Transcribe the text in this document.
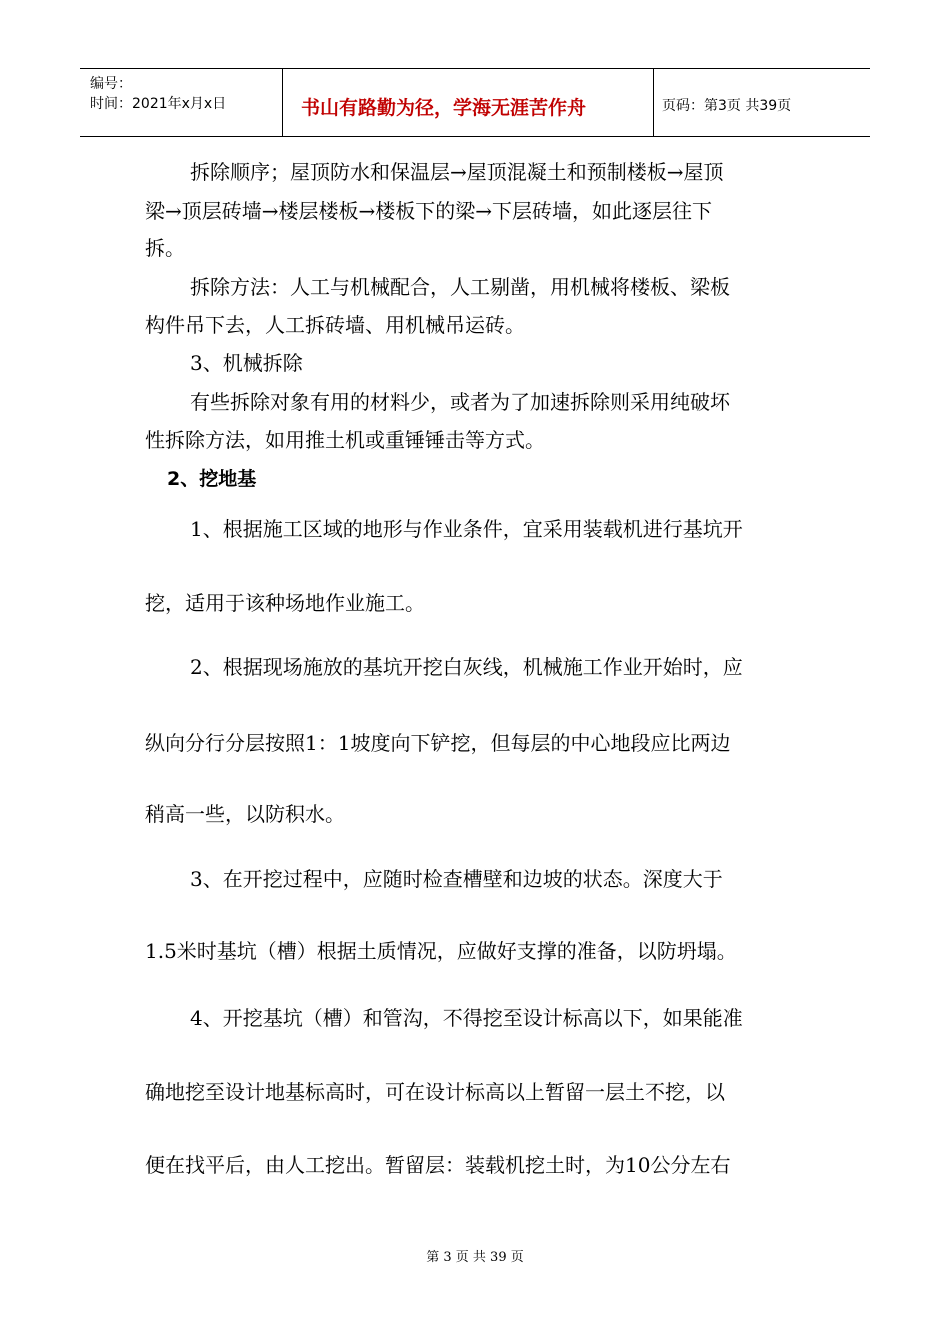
编号：
时间：2021年x月x日	书山有路勤为径，学海无涯苦作舟	页码：第3页 共39页
拆除顺序；屋顶防水和保温层→屋顶混凝土和预制楼板→屋顶
梁→顶层砖墙→楼层楼板→楼板下的梁→下层砖墙，如此逐层往下
拆。
拆除方法：人工与机械配合，人工剔凿，用机械将楼板、梁板
构件吊下去，人工拆砖墙、用机械吊运砖。
3、机械拆除
有些拆除对象有用的材料少，或者为了加速拆除则采用纯破坏
性拆除方法，如用推土机或重锤锤击等方式。
2、挖地基
1、根据施工区域的地形与作业条件，宜采用装载机进行基坑开
挖，适用于该种场地作业施工。
2、根据现场施放的基坑开挖白灰线，机械施工作业开始时，应
纵向分行分层按照1：1坡度向下铲挖，但每层的中心地段应比两边
稍高一些，以防积水。
3、在开挖过程中，应随时检查槽壁和边坡的状态。深度大于
1.5米时基坑（槽）根据土质情况，应做好支撑的准备，以防坍塌。
4、开挖基坑（槽）和管沟，不得挖至设计标高以下，如果能准
确地挖至设计地基标高时，可在设计标高以上暂留一层土不挖，以
便在找平后，由人工挖出。暂留层：装载机挖土时，为10公分左右
第 3 页 共 39 页
